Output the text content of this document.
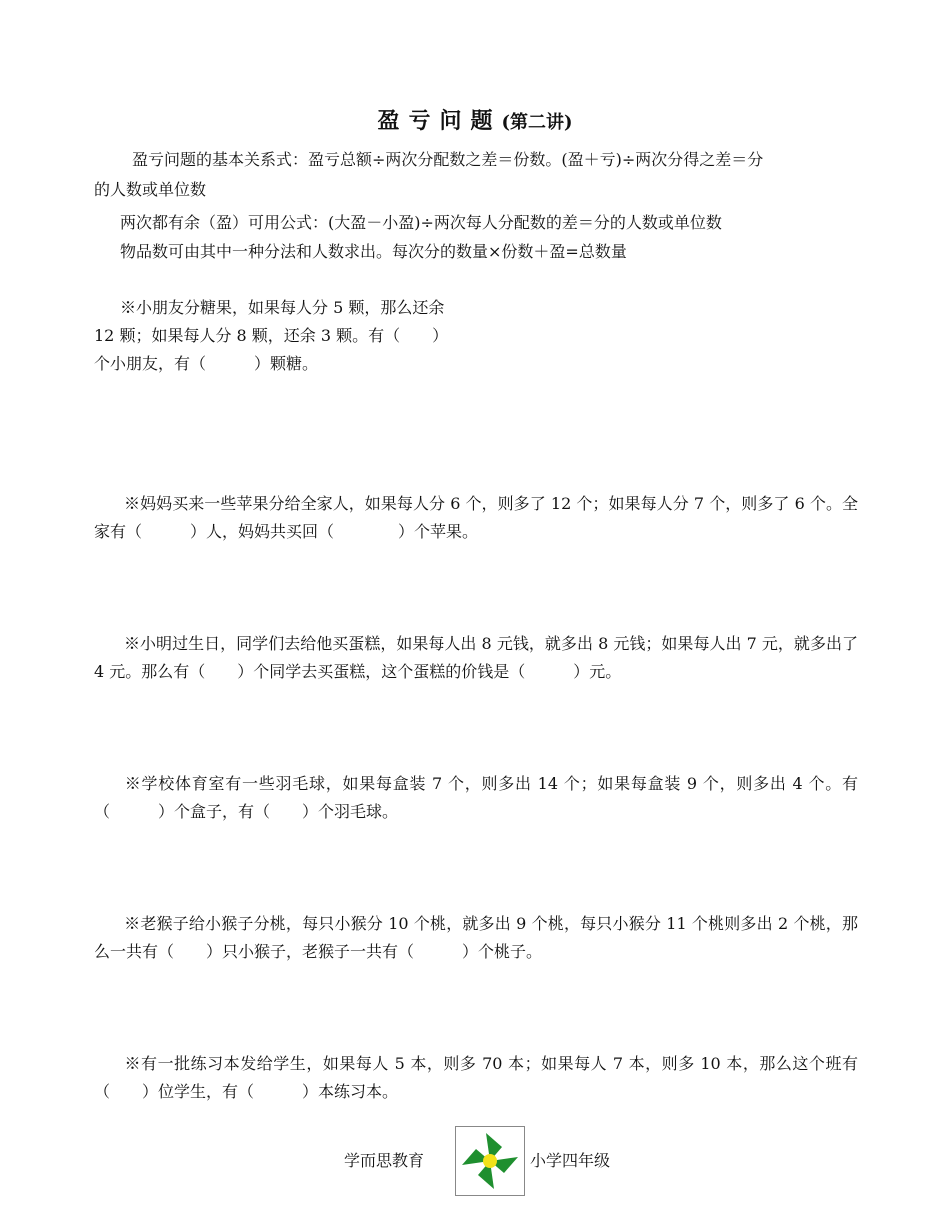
盈亏问题(第二讲)
盈亏问题的基本关系式：盈亏总额÷两次分配数之差＝份数。(盈＋亏)÷两次分得之差＝分
的人数或单位数
两次都有余（盈）可用公式：(大盈－小盈)÷两次每人分配数的差＝分的人数或单位数
物品数可由其中一种分法和人数求出。每次分的数量×份数＋盈=总数量
※小朋友分糖果，如果每人分 5 颗，那么还余
12 颗；如果每人分 8 颗，还余 3 颗。有（　　）
个小朋友，有（　　　）颗糖。
※妈妈买来一些苹果分给全家人，如果每人分 6 个，则多了 12 个；如果每人分 7 个，则多了 6 个。全家有（　　　）人，妈妈共买回（　　　　）个苹果。
※小明过生日，同学们去给他买蛋糕，如果每人出 8 元钱，就多出 8 元钱；如果每人出 7 元，就多出了 4 元。那么有（　　）个同学去买蛋糕，这个蛋糕的价钱是（　　　）元。
※学校体育室有一些羽毛球，如果每盒装 7 个，则多出 14 个；如果每盒装 9 个，则多出 4 个。有（　　　）个盒子，有（　　）个羽毛球。
※老猴子给小猴子分桃，每只小猴分 10 个桃，就多出 9 个桃，每只小猴分 11 个桃则多出 2 个桃，那么一共有（　　）只小猴子，老猴子一共有（　　　）个桃子。
※有一批练习本发给学生，如果每人 5 本，则多 70 本；如果每人 7 本，则多 10 本，那么这个班有（　　）位学生，有（　　　）本练习本。
学而思教育	小学四年级
